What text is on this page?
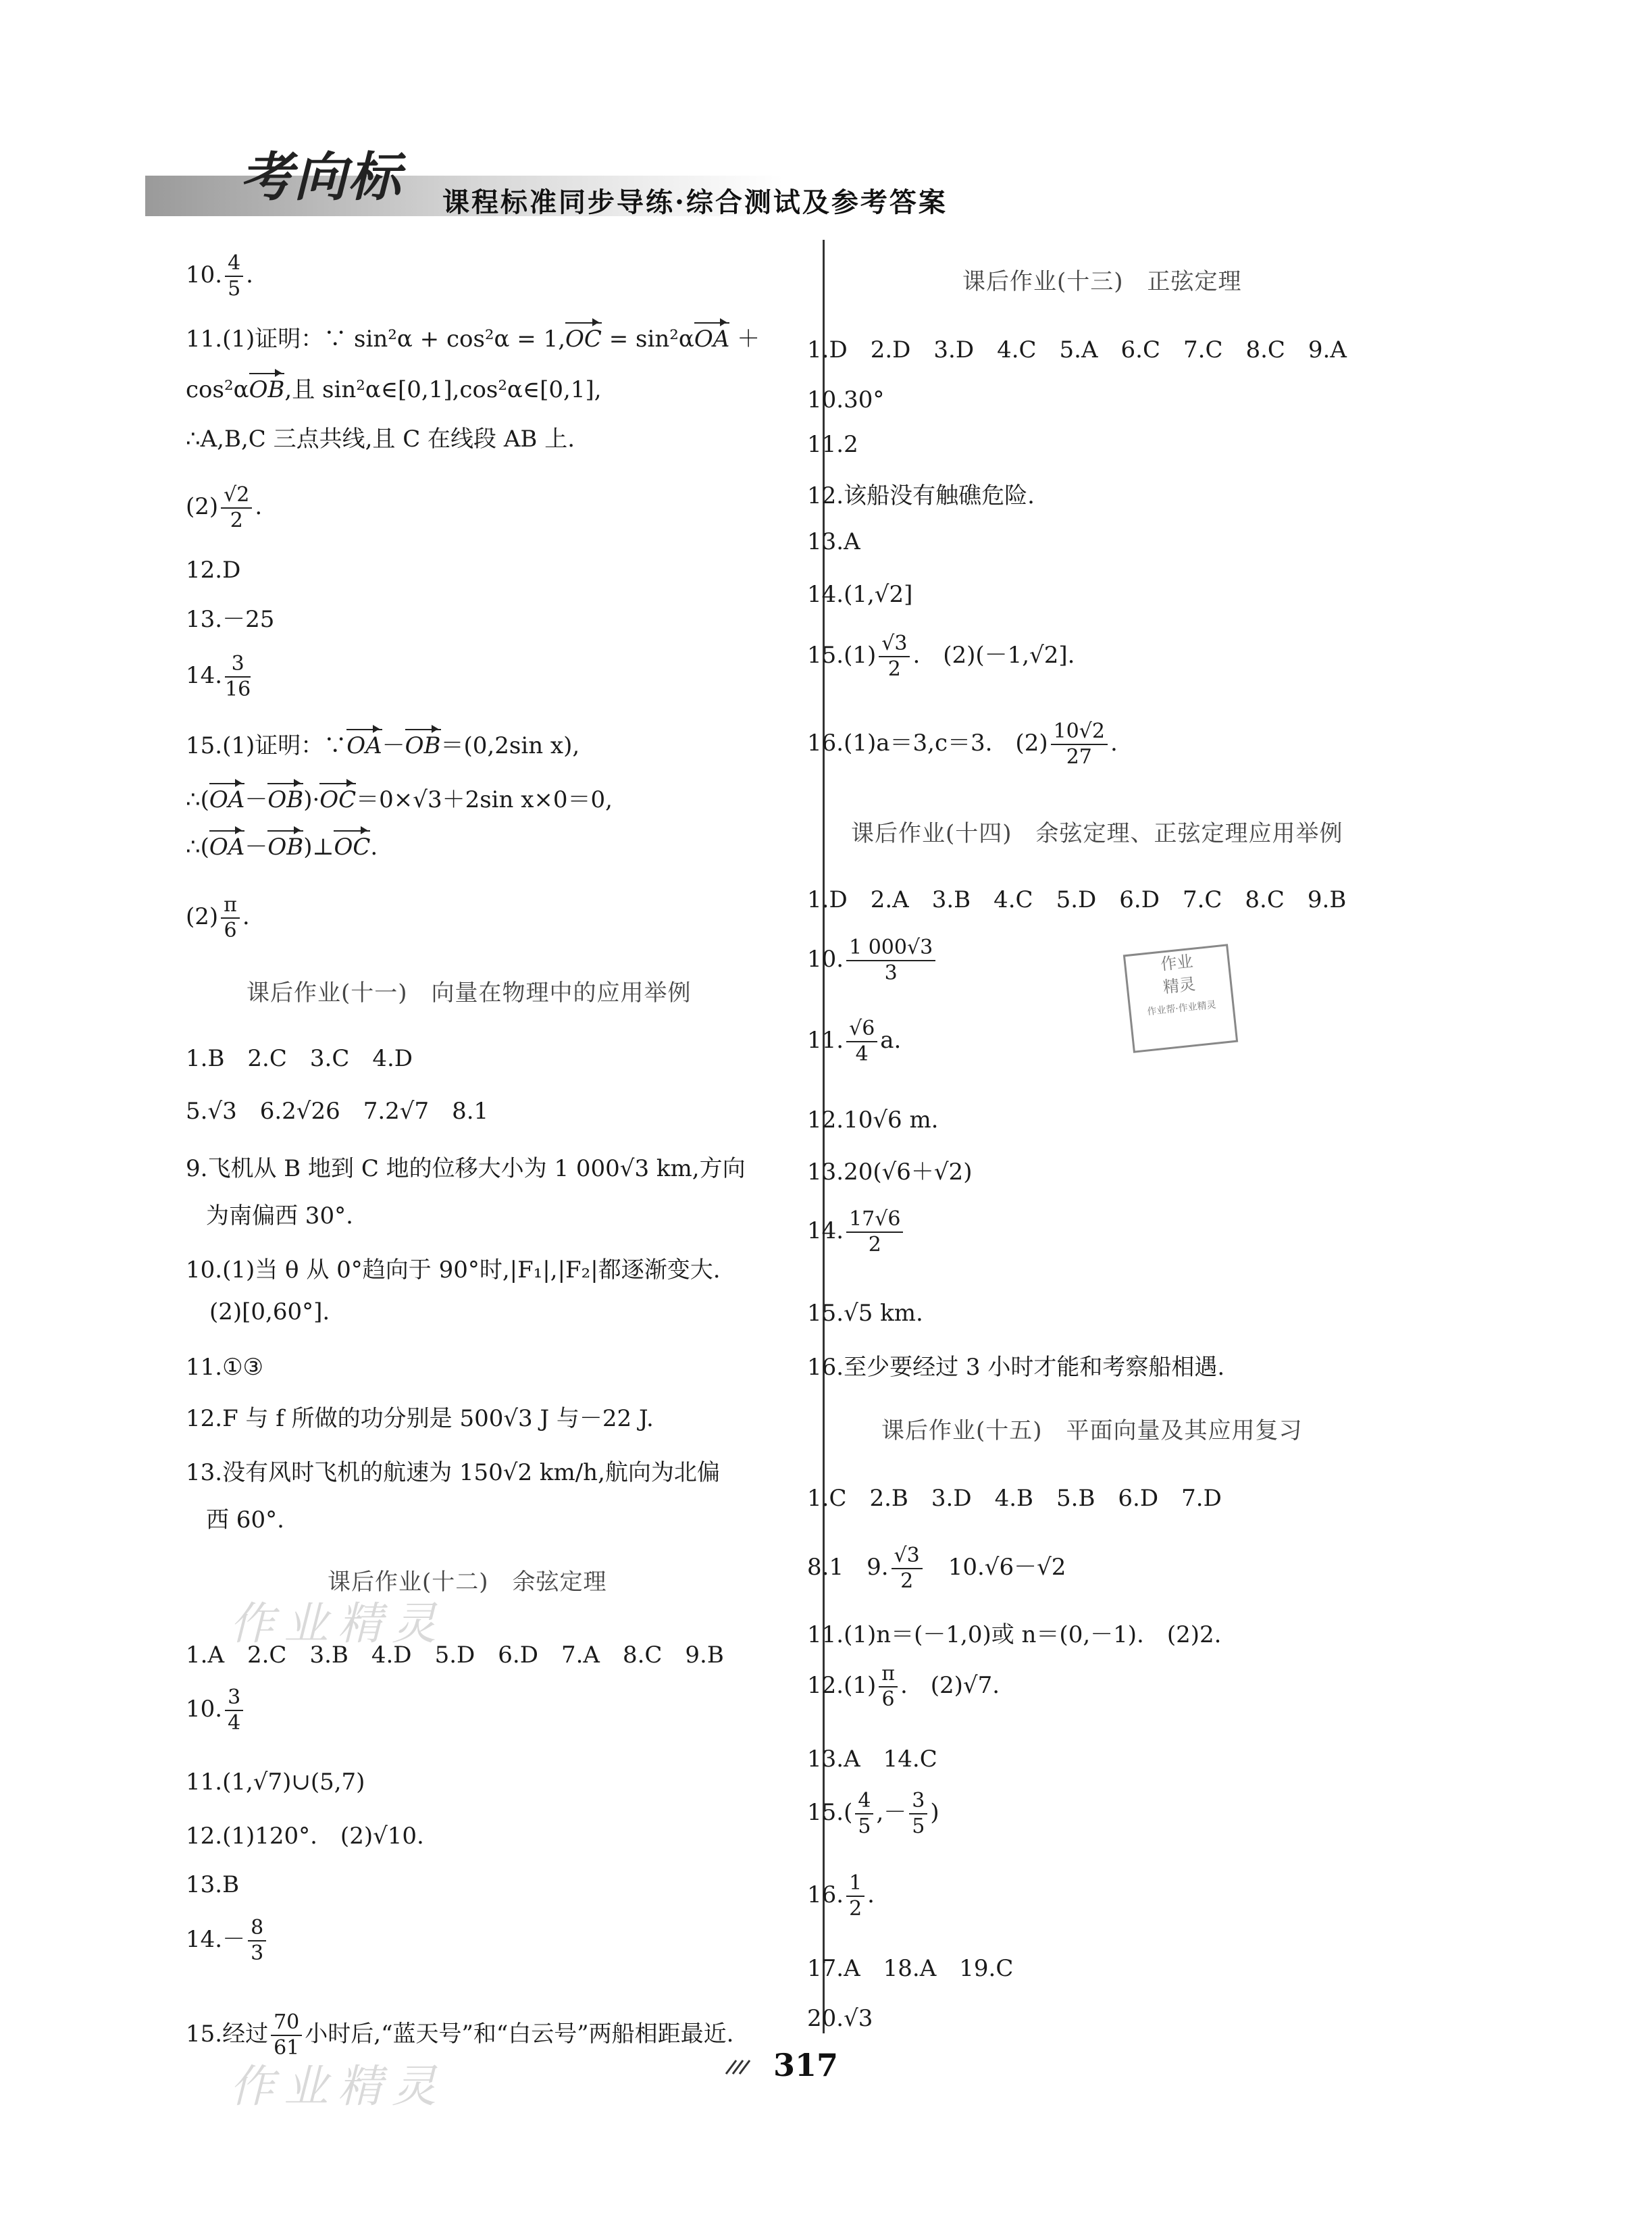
考向标 课程标准同步导练·综合测试及参考答案
10. $\frac{4}{5}$ .
11.(1)证明：∵ sin²α + cos²α = 1,OC = sin²αOA ＋
cos²αOB,且 sin²α∈[0,1],cos²α∈[0,1],
∴A,B,C 三点共线,且 C 在线段 AB 上.
$(2) \frac{√2}{2}$ .
12.D
13.－25
14. $\frac{3}{16}$
15.(1)证明：∵OA－OB＝(0,2sin x),
∴(OA－OB)·OC＝0×√3＋2sin x×0＝0,
∴(OA－OB)⊥OC.
$(2) \frac{\pi}{6}$ .
课后作业(十一)　向量在物理中的应用举例
1.B　2.C　3.C　4.D
5.√3　6.2√26　7.2√7　8.1
9.飞机从 B 地到 C 地的位移大小为 1 000√3 km,方向
为南偏西 30°.
10.(1)当 θ 从 0°趋向于 90°时,|F₁|,|F₂|都逐渐变大.
(2)[0,60°].
11.①③
12.F 与 f 所做的功分别是 500√3 J 与－22 J.
13.没有风时飞机的航速为 150√2 km/h,航向为北偏
西 60°.
课后作业(十二)　余弦定理
1.A　2.C　3.B　4.D　5.D　6.D　7.A　8.C　9.B
10. $\frac{3}{4}$
11.(1,√7)∪(5,7)
12.(1)120°.　(2)√10.
13.B
$14.- \frac{8}{3}$
15.经过 $\frac{70}{61}$ 小时后,“蓝天号”和“白云号”两船相距最近.
课后作业(十三)　正弦定理
1.D　2.D　3.D　4.C　5.A　6.C　7.C　8.C　9.A
10.30°
11.2
12.该船没有触礁危险.
13.A
14.(1,√2]
$15.(1) \frac{√3}{2}$ .　(2)(－1,√2].
16.(1)a＝3,c＝3.　$(2) \frac{10√2}{27}$ .
课后作业(十四)　余弦定理、正弦定理应用举例
1.D　2.A　3.B　4.C　5.D　6.D　7.C　8.C　9.B
10. $\frac{1 000√3}{3}$
11. $\frac{√6}{4} a$.
12.10√6 m.
13.20(√6＋√2)
14. $\frac{17√6}{2}$
15.√5 km.
16.至少要经过 3 小时才能和考察船相遇.
课后作业(十五)　平面向量及其应用复习
1.C　2.B　3.D　4.B　5.B　6.D　7.D
8.1　9. $\frac{√3}{2}$ 　10.√6－√2
11.(1)n＝(－1,0)或 n＝(0,－1).　(2)2.
$12.(1) \frac{\pi}{6}$ .　(2)√7.
13.A　14.C
$15.( \frac{4}{5}$ ,－ $\frac{3}{5}$ )
16. $\frac{1}{2}$ .
17.A　18.A　19.C
20.√3
作业
精灵
作业帮·作业精灵
作业精灵
作业精灵	317
